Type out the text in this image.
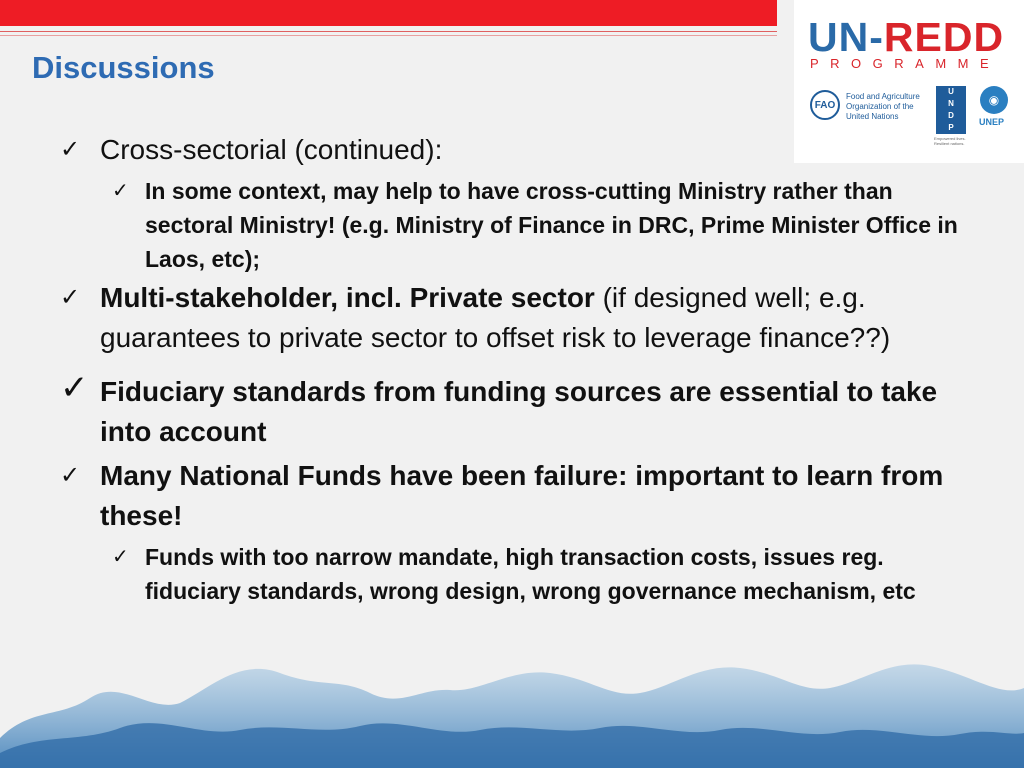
UN-REDD
PROGRAMME
FAO
Food and Agriculture Organization of the United Nations
U
N
D
P
Empowered lives. Resilient nations.
◉
UNEP
Discussions
✓ Cross-sectorial (continued):
✓ In some context, may help to have cross-cutting Ministry rather than sectoral Ministry! (e.g. Ministry of Finance in DRC, Prime Minister Office in Laos, etc);
✓ Multi-stakeholder, incl. Private sector (if designed well; e.g. guarantees to private sector to offset risk to leverage finance??)
✓ Fiduciary standards from funding sources are essential to take into account
✓ Many National Funds have been failure: important to learn from these!
✓ Funds with too narrow mandate, high transaction costs, issues reg. fiduciary standards, wrong design, wrong governance mechanism, etc
